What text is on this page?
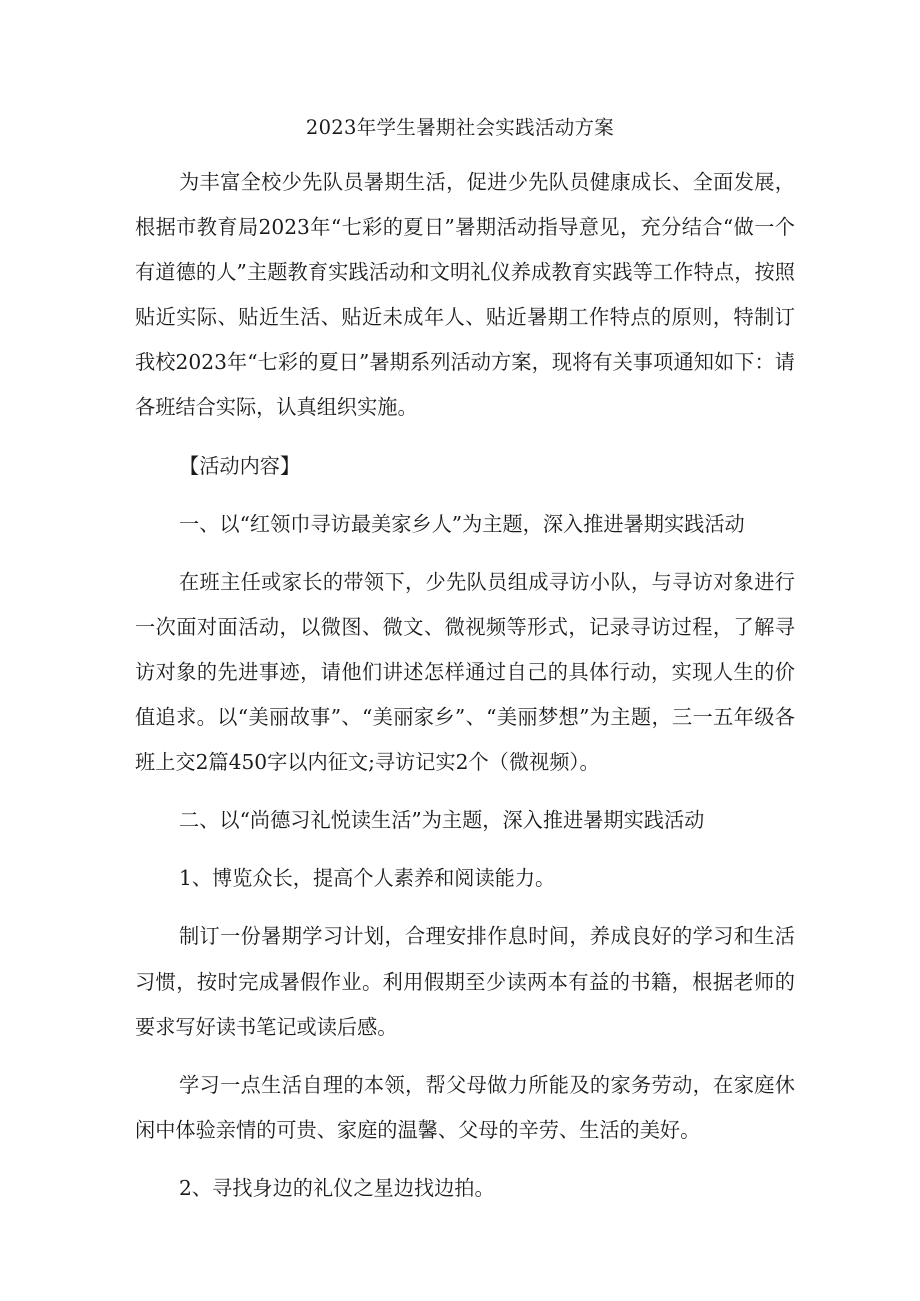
2023年学生暑期社会实践活动方案

为丰富全校少先队员暑期生活，促进少先队员健康成长、全面发展，根据市教育局2023年“七彩的夏日”暑期活动指导意见，充分结合“做一个有道德的人”主题教育实践活动和文明礼仪养成教育实践等工作特点，按照贴近实际、贴近生活、贴近未成年人、贴近暑期工作特点的原则，特制订我校2023年“七彩的夏日”暑期系列活动方案，现将有关事项通知如下：请各班结合实际，认真组织实施。

【活动内容】

一、以“红领巾寻访最美家乡人”为主题，深入推进暑期实践活动

在班主任或家长的带领下，少先队员组成寻访小队，与寻访对象进行一次面对面活动，以微图、微文、微视频等形式，记录寻访过程，了解寻访对象的先进事迹，请他们讲述怎样通过自己的具体行动，实现人生的价值追求。以“美丽故事”、“美丽家乡”、“美丽梦想”为主题，三一五年级各班上交2篇450字以内征文;寻访记实2个（微视频）。

二、以“尚德习礼悦读生活”为主题，深入推进暑期实践活动

1、博览众长，提高个人素养和阅读能力。

制订一份暑期学习计划，合理安排作息时间，养成良好的学习和生活习惯，按时完成暑假作业。利用假期至少读两本有益的书籍，根据老师的要求写好读书笔记或读后感。

学习一点生活自理的本领，帮父母做力所能及的家务劳动，在家庭休闲中体验亲情的可贵、家庭的温馨、父母的辛劳、生活的美好。

2、寻找身边的礼仪之星边找边拍。
